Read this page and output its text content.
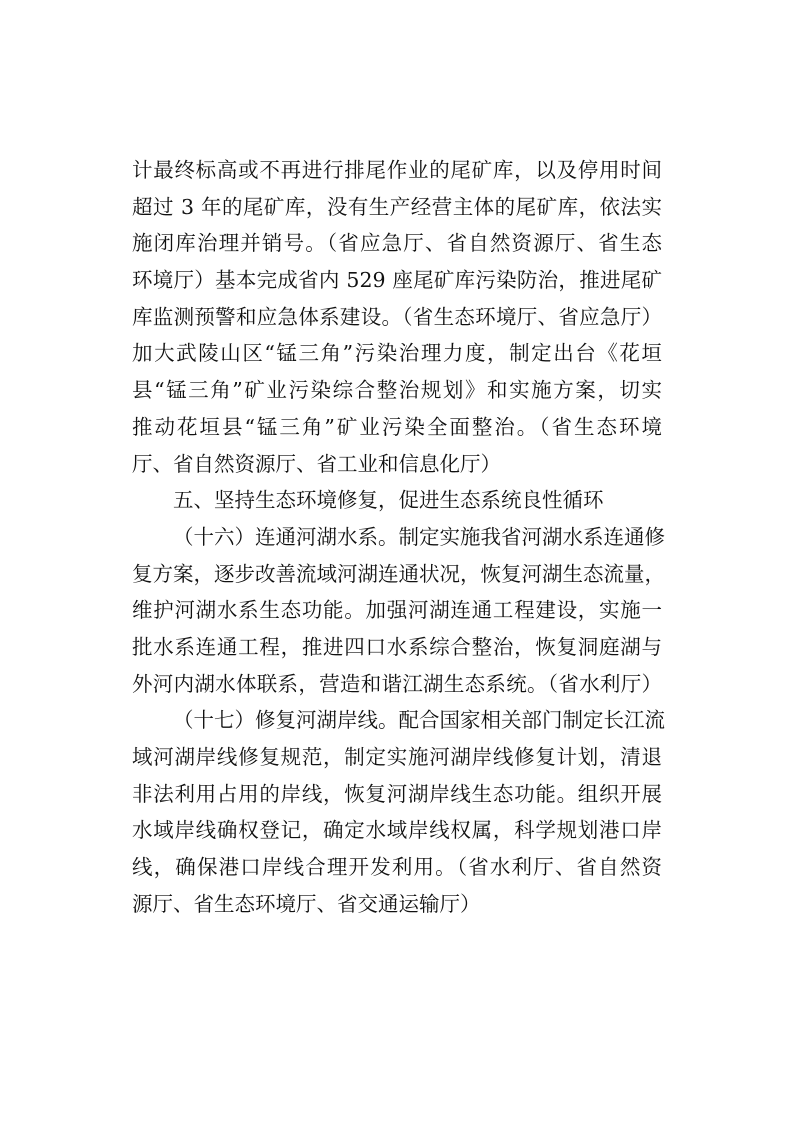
计最终标高或不再进行排尾作业的尾矿库，以及停用时间
超过 3 年的尾矿库，没有生产经营主体的尾矿库，依法实
施闭库治理并销号。（省应急厅、省自然资源厅、省生态
环境厅）基本完成省内 529 座尾矿库污染防治，推进尾矿
库监测预警和应急体系建设。（省生态环境厅、省应急厅）
加大武陵山区“锰三角”污染治理力度，制定出台《花垣
县“锰三角”矿业污染综合整治规划》和实施方案，切实
推动花垣县“锰三角”矿业污染全面整治。（省生态环境
厅、省自然资源厅、省工业和信息化厅）
五、坚持生态环境修复，促进生态系统良性循环
（十六）连通河湖水系。制定实施我省河湖水系连通修
复方案，逐步改善流域河湖连通状况，恢复河湖生态流量，
维护河湖水系生态功能。加强河湖连通工程建设，实施一
批水系连通工程，推进四口水系综合整治，恢复洞庭湖与
外河内湖水体联系，营造和谐江湖生态系统。（省水利厅）
（十七）修复河湖岸线。配合国家相关部门制定长江流
域河湖岸线修复规范，制定实施河湖岸线修复计划，清退
非法利用占用的岸线，恢复河湖岸线生态功能。组织开展
水域岸线确权登记，确定水域岸线权属，科学规划港口岸
线，确保港口岸线合理开发利用。（省水利厅、省自然资
源厅、省生态环境厅、省交通运输厅）
